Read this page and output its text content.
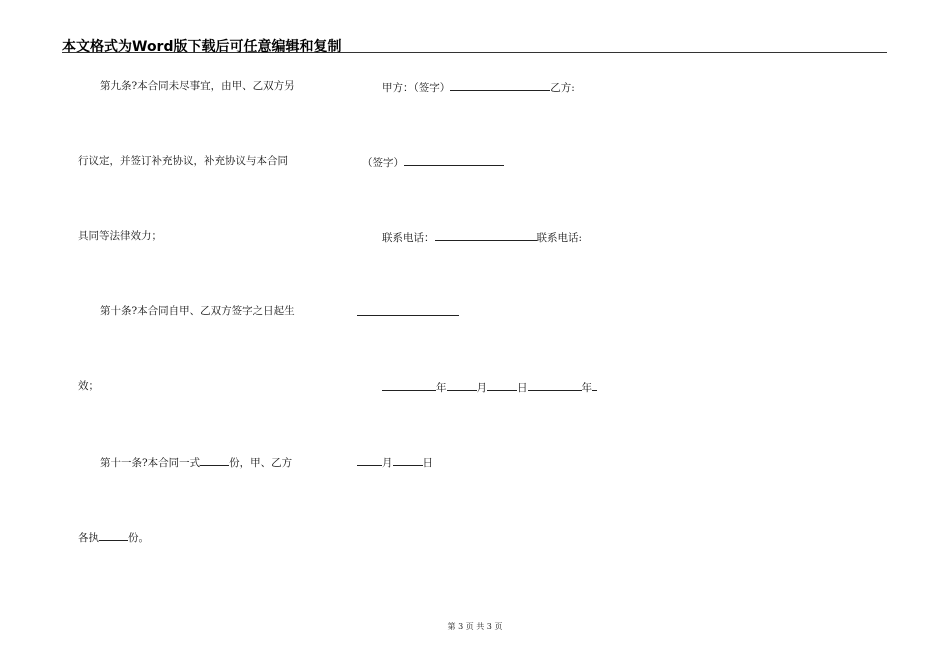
本文格式为Word版下载后可任意编辑和复制
第九条?本合同未尽事宜，由甲、乙双方另
行议定，并签订补充协议，补充协议与本合同
具同等法律效力；
第十条?本合同自甲、乙双方签字之日起生
效；
第十一条?本合同一式	份，甲、乙方
各执	份。
甲方：（签字）	乙方:
（签字）
联系电话：	联系电话:
年	月	日	年
月	日
第 3 页 共 3 页
